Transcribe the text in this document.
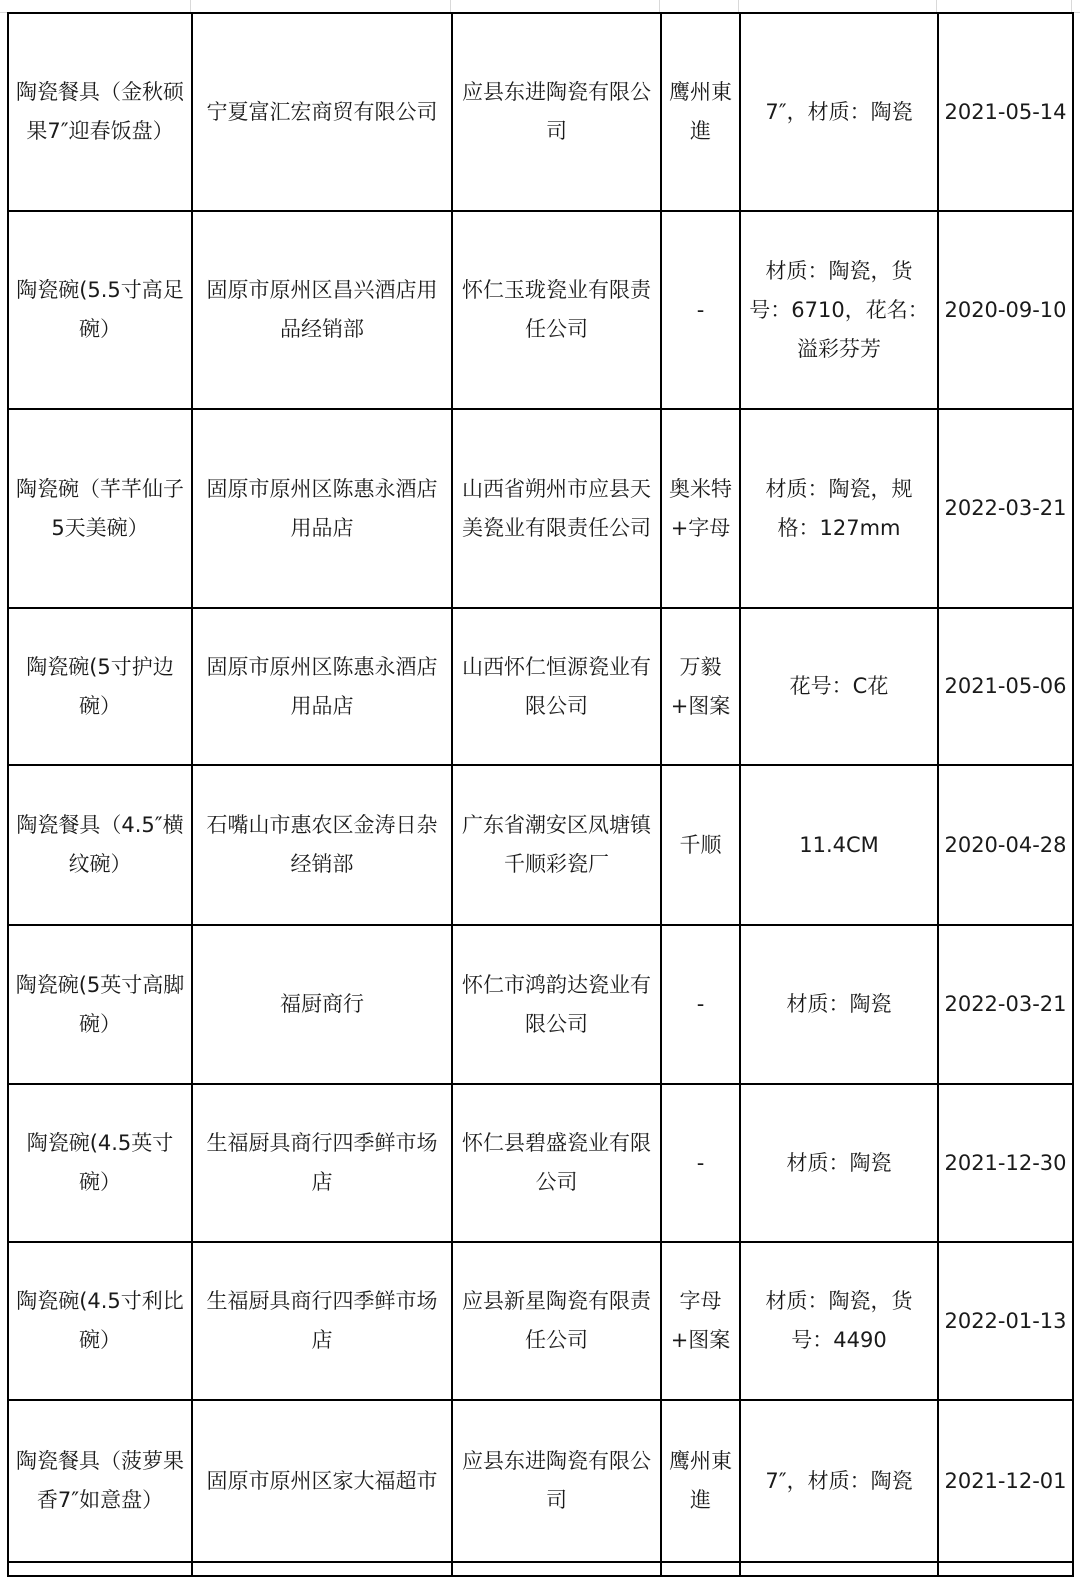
陶瓷餐具（金秋硕果7″迎春饭盘）	宁夏富汇宏商贸有限公司	应县东进陶瓷有限公司	鹰州東進	7″，材质：陶瓷	2021-05-14
陶瓷碗(5.5寸高足碗）	固原市原州区昌兴酒店用品经销部	怀仁玉珑瓷业有限责任公司	-	材质：陶瓷，货号：6710，花名：溢彩芬芳	2020-09-10
陶瓷碗（芊芊仙子5天美碗）	固原市原州区陈惠永酒店用品店	山西省朔州市应县天美瓷业有限责任公司	奥米特+字母	材质：陶瓷，规格：127mm	2022-03-21
陶瓷碗(5寸护边碗）	固原市原州区陈惠永酒店用品店	山西怀仁恒源瓷业有限公司	万毅+图案	花号：C花	2021-05-06
陶瓷餐具（4.5″横纹碗）	石嘴山市惠农区金涛日杂经销部	广东省潮安区凤塘镇千顺彩瓷厂	千顺	11.4CM	2020-04-28
陶瓷碗(5英寸高脚碗）	福厨商行	怀仁市鸿韵达瓷业有限公司	-	材质：陶瓷	2022-03-21
陶瓷碗(4.5英寸碗）	生福厨具商行四季鲜市场店	怀仁县碧盛瓷业有限公司	-	材质：陶瓷	2021-12-30
陶瓷碗(4.5寸利比碗）	生福厨具商行四季鲜市场店	应县新星陶瓷有限责任公司	字母+图案	材质：陶瓷，货号：4490	2022-01-13
陶瓷餐具（菠萝果香7″如意盘）	固原市原州区家大福超市	应县东进陶瓷有限公司	鹰州東進	7″，材质：陶瓷	2021-12-01
